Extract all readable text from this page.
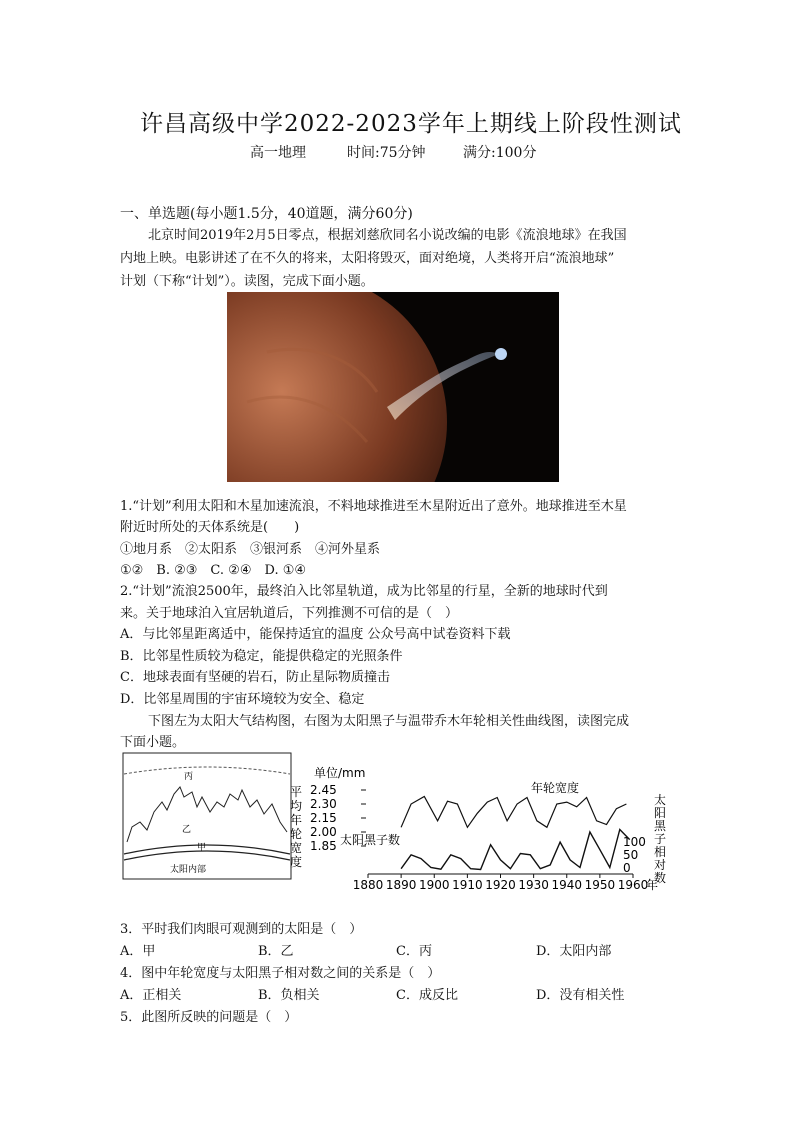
许昌高级中学2022-2023学年上期线上阶段性测试
高一地理	时间:75分钟	满分:100分
一、单选题(每小题1.5分，40道题，满分60分)
北京时间2019年2月5日零点，根据刘慈欣同名小说改编的电影《流浪地球》在我国
内地上映。电影讲述了在不久的将来，太阳将毁灭，面对绝境，人类将开启“流浪地球”
计划（下称“计划”）。读图，完成下面小题。
1.“计划”利用太阳和木星加速流浪，不料地球推进至木星附近出了意外。地球推进至木星
附近时所处的天体系统是(　　)
①地月系　②太阳系　③银河系　④河外星系
①②　B. ②③　C. ②④　D. ①④
2.“计划”流浪2500年，最终泊入比邻星轨道，成为比邻星的行星，全新的地球时代到
来。关于地球泊入宜居轨道后，下列推测不可信的是（　）
A．与比邻星距离适中，能保持适宜的温度 公众号高中试卷资料下载
B．比邻星性质较为稳定，能提供稳定的光照条件
C．地球表面有坚硬的岩石，防止星际物质撞击
D．比邻星周围的宇宙环境较为安全、稳定
下图左为太阳大气结构图，右图为太阳黑子与温带乔木年轮相关性曲线图，读图完成
下面小题。
丙
乙
甲
太阳内部
单位/mm
平
均
年
轮
宽
度
太
阳
黑
子
相
对
数
2.45
2.30
2.15
2.00
1.85	100
50
0
1880 1890 1900 1910 1920 1930 1940 1950 1960
年
年轮宽度
太阳黑子数
3．平时我们肉眼可观测到的太阳是（　）
A．甲	B．乙	C．丙	D．太阳内部
4．图中年轮宽度与太阳黑子相对数之间的关系是（　）
A．正相关	B．负相关	C．成反比	D．没有相关性
5．此图所反映的问题是（　）
